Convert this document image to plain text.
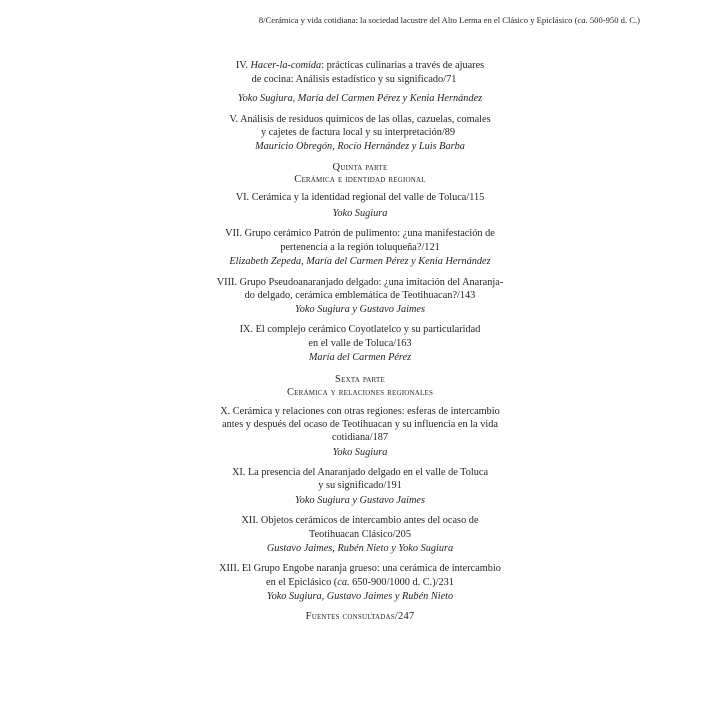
8/Cerámica y vida cotidiana: la sociedad lacustre del Alto Lerma en el Clásico y Epiclásico (ca. 500-950 d. C.)
IV. Hacer-la-comida: prácticas culinarias a través de ajuares
de cocina: Análisis estadístico y su significado/71
Yoko Sugiura, María del Carmen Pérez y Kenia Hernández
V. Análisis de residuos químicos de las ollas, cazuelas, comales
y cajetes de factura local y su interpretación/89
Mauricio Obregón, Rocío Hernández y Luis Barba
Quinta parte
Cerámica e identidad regional
VI. Cerámica y la identidad regional del valle de Toluca/115
Yoko Sugiura
VII. Grupo cerámico Patrón de pulimento: ¿una manifestación de
pertenencia a la región toluqueña?/121
Elizabeth Zepeda, María del Carmen Pérez y Kenia Hernández
VIII. Grupo Pseudoanaranjado delgado: ¿una imitación del Anaranja-
do delgado, cerámica emblemática de Teotihuacan?/143
Yoko Sugiura y Gustavo Jaimes
IX. El complejo cerámico Coyotlatelco y su particularidad
en el valle de Toluca/163
María del Carmen Pérez
Sexta parte
Cerámica y relaciones regionales
X. Cerámica y relaciones con otras regiones: esferas de intercambio
antes y después del ocaso de Teotihuacan y su influencia en la vida
cotidiana/187
Yoko Sugiura
XI. La presencia del Anaranjado delgado en el valle de Toluca
y su significado/191
Yoko Sugiura y Gustavo Jaimes
XII. Objetos cerámicos de intercambio antes del ocaso de
Teotihuacan Clásico/205
Gustavo Jaimes, Rubén Nieto y Yoko Sugiura
XIII. El Grupo Engobe naranja grueso: una cerámica de intercambio
en el Epiclásico (ca. 650-900/1000 d. C.)/231
Yoko Sugiura, Gustavo Jaimes y Rubén Nieto
Fuentes consultadas/247
